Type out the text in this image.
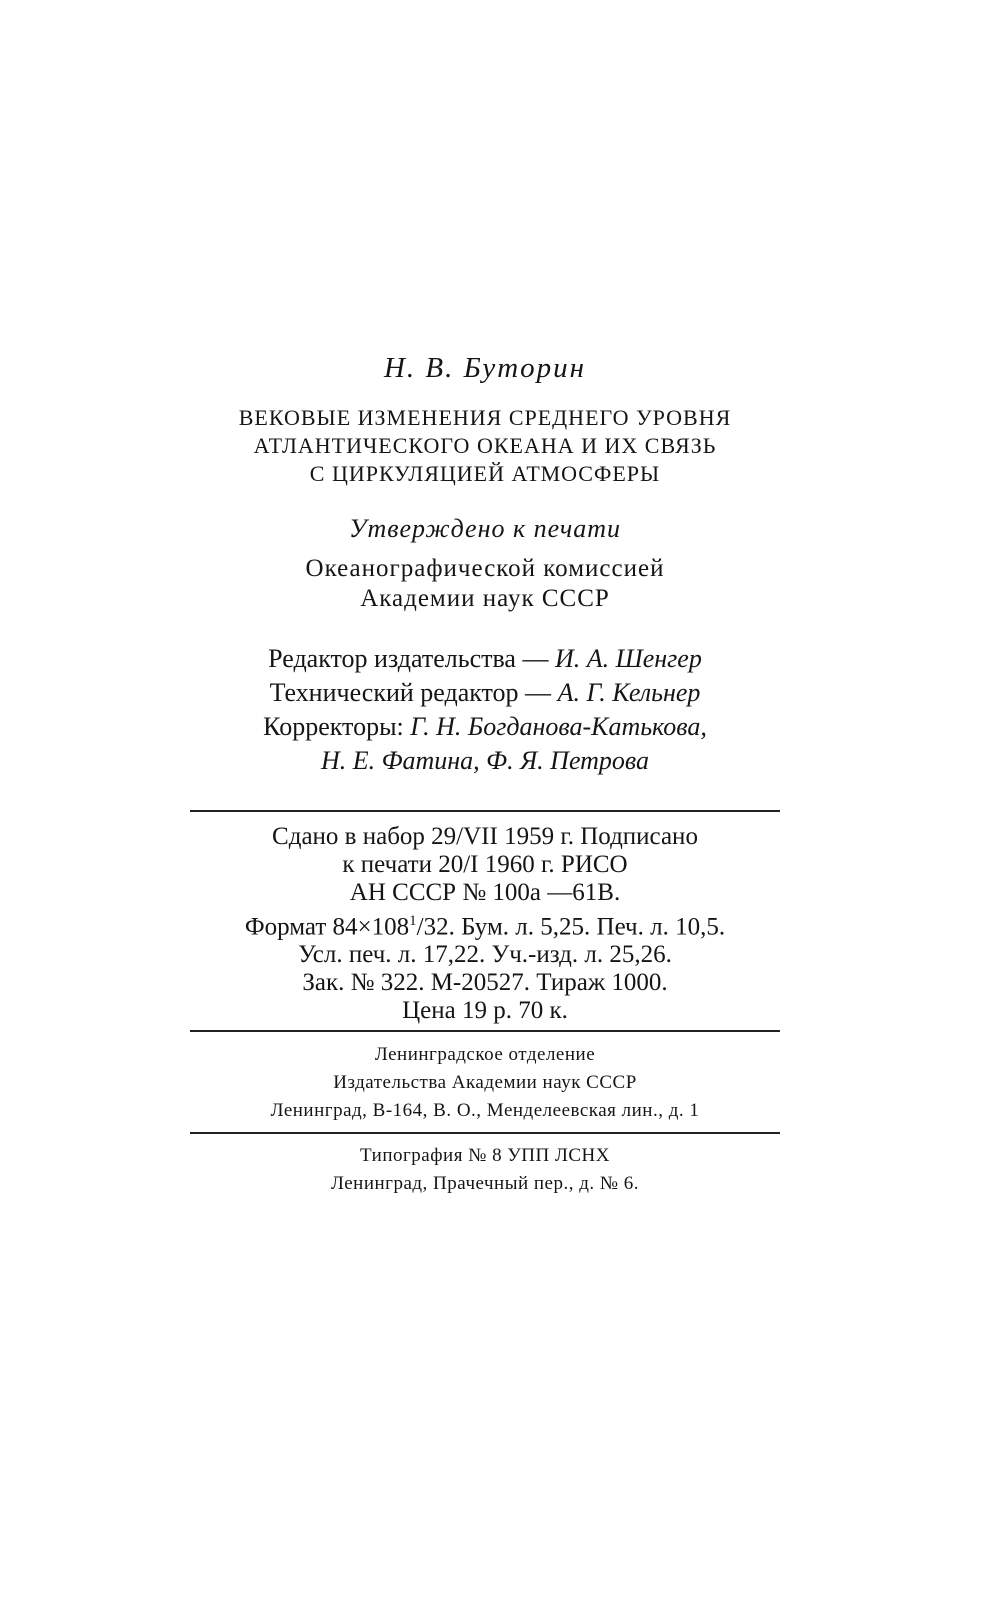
Н. В. Буторин
ВЕКОВЫЕ ИЗМЕНЕНИЯ СРЕДНЕГО УРОВНЯ
АТЛАНТИЧЕСКОГО ОКЕАНА И ИХ СВЯЗЬ
С ЦИРКУЛЯЦИЕЙ АТМОСФЕРЫ
Утверждено к печати
Океанографической комиссией
Академии наук СССР
Редактор издательства — И. А. Шенгер
Технический редактор — А. Г. Кельнер
Корректоры: Г. Н. Богданова-Катькова,
Н. Е. Фатина, Ф. Я. Петрова
Сдано в набор 29/VII 1959 г. Подписано
к печати 20/I 1960 г. РИСО
АН СССР № 100а —61В.
Формат $84\times 108^1/32$. Бум. л. 5,25. Печ. л. 10,5.
Усл. печ. л. 17,22. Уч.-изд. л. 25,26.
Зак. № 322. М-20527. Тираж 1000.
Цена 19 р. 70 к.
Ленинградское отделение
Издательства Академии наук СССР
Ленинград, В-164, В. О., Менделеевская лин., д. 1
Типография № 8 УПП ЛСНХ
Ленинград, Прачечный пер., д. № 6.
